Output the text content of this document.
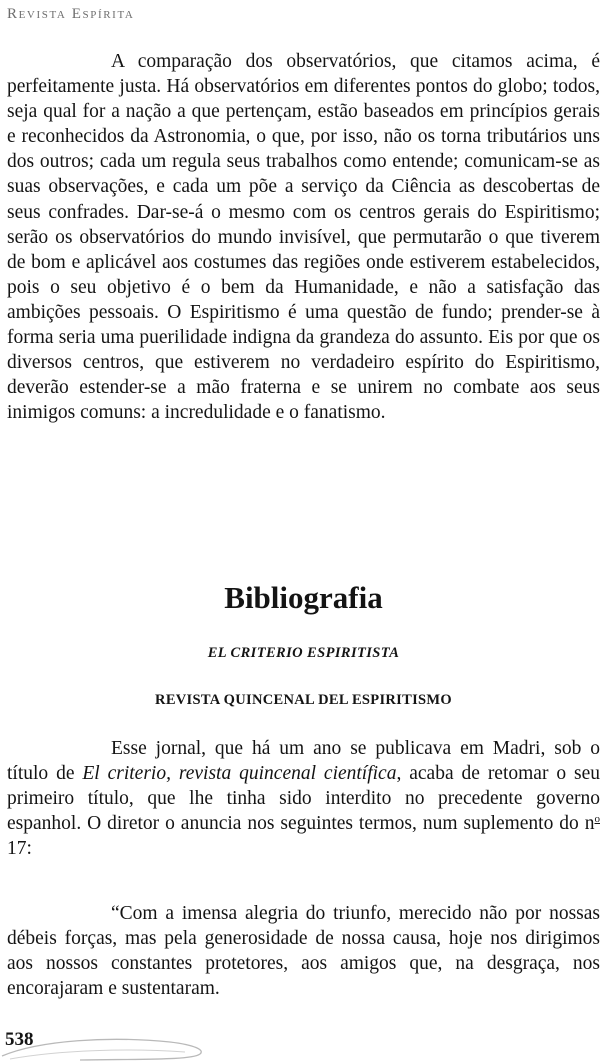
Revista Espírita

A comparação dos observatórios, que citamos acima, é perfeitamente justa. Há observatórios em diferentes pontos do globo; todos, seja qual for a nação a que pertençam, estão baseados em princípios gerais e reconhecidos da Astronomia, o que, por isso, não os torna tributários uns dos outros; cada um regula seus trabalhos como entende; comunicam-se as suas observações, e cada um põe a serviço da Ciência as descobertas de seus confrades. Dar-se-á o mesmo com os centros gerais do Espiritismo; serão os observatórios do mundo invisível, que permutarão o que tiverem de bom e aplicável aos costumes das regiões onde estiverem estabelecidos, pois o seu objetivo é o bem da Humanidade, e não a satisfação das ambições pessoais. O Espiritismo é uma questão de fundo; prender-se à forma seria uma puerilidade indigna da grandeza do assunto. Eis por que os diversos centros, que estiverem no verdadeiro espírito do Espiritismo, deverão estender-se a mão fraterna e se unirem no combate aos seus inimigos comuns: a incredulidade e o fanatismo.

Bibliografia
EL CRITERIO ESPIRITISTA
REVISTA QUINCENAL DEL ESPIRITISMO

Esse jornal, que há um ano se publicava em Madri, sob o título de El criterio, revista quincenal científica, acaba de retomar o seu primeiro título, que lhe tinha sido interdito no precedente governo espanhol. O diretor o anuncia nos seguintes termos, num suplemento do $n^o$ 17:

“Com a imensa alegria do triunfo, merecido não por nossas débeis forças, mas pela generosidade de nossa causa, hoje nos dirigimos aos nossos constantes protetores, aos amigos que, na desgraça, nos encorajaram e sustentaram.

538
